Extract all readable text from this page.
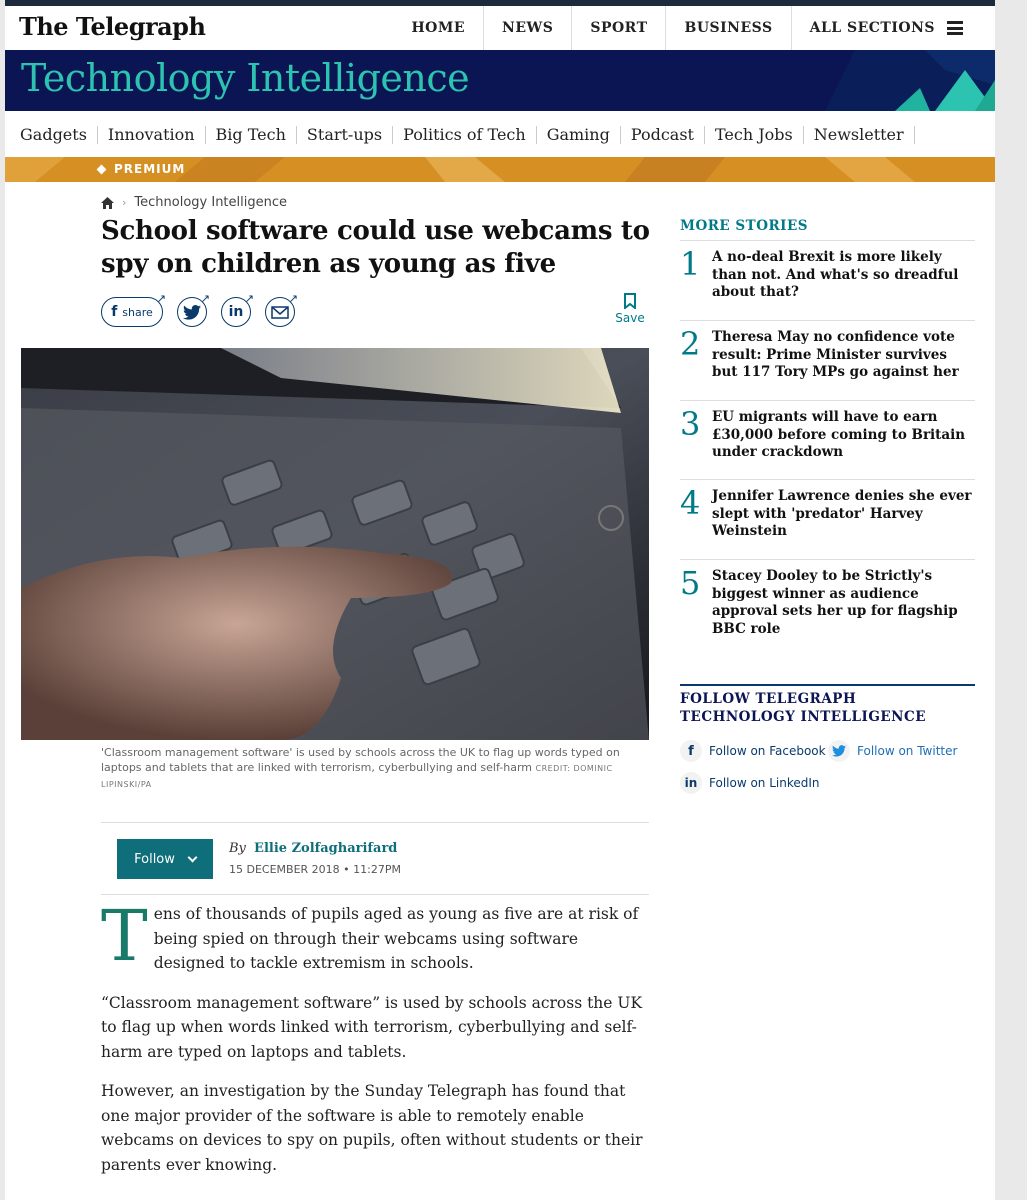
The Telegraph	HOME	NEWS	SPORT	BUSINESS	ALL SECTIONS
Technology Intelligence
Gadgets	Innovation	Big Tech	Start-ups	Politics of Tech	Gaming	Podcast	Tech Jobs	Newsletter
PREMIUM
› Technology Intelligence
School software could use webcams to spy on children as young as five
f share
↗	↗
in
↗	↗
Save
'Classroom management software' is used by schools across the UK to flag up words typed on laptops and tablets that are linked with terrorism, cyberbullying and self-harm CREDIT: DOMINIC LIPINSKI/PA
Follow
By Ellie Zolfagharifard
15 DECEMBER 2018 • 11:27PM

Tens of thousands of pupils aged as young as five are at risk of being spied on through their webcams using software designed to tackle extremism in schools.

“Classroom management software” is used by schools across the UK to flag up when words linked with terrorism, cyberbullying and self-harm are typed on laptops and tablets.

However, an investigation by the Sunday Telegraph has found that one major provider of the software is able to remotely enable webcams on devices to spy on pupils, often without students or their parents ever knowing.

MORE STORIES
1 A no-deal Brexit is more likely than not. And what's so dreadful about that?
2 Theresa May no confidence vote result: Prime Minister survives but 117 Tory MPs go against her
3 EU migrants will have to earn £30,000 before coming to Britain under crackdown
4 Jennifer Lawrence denies she ever slept with 'predator' Harvey Weinstein
5 Stacey Dooley to be Strictly's biggest winner as audience approval sets her up for flagship BBC role
FOLLOW TELEGRAPH TECHNOLOGY INTELLIGENCE
f	Follow on Facebook	Follow on Twitter
in Follow on LinkedIn
